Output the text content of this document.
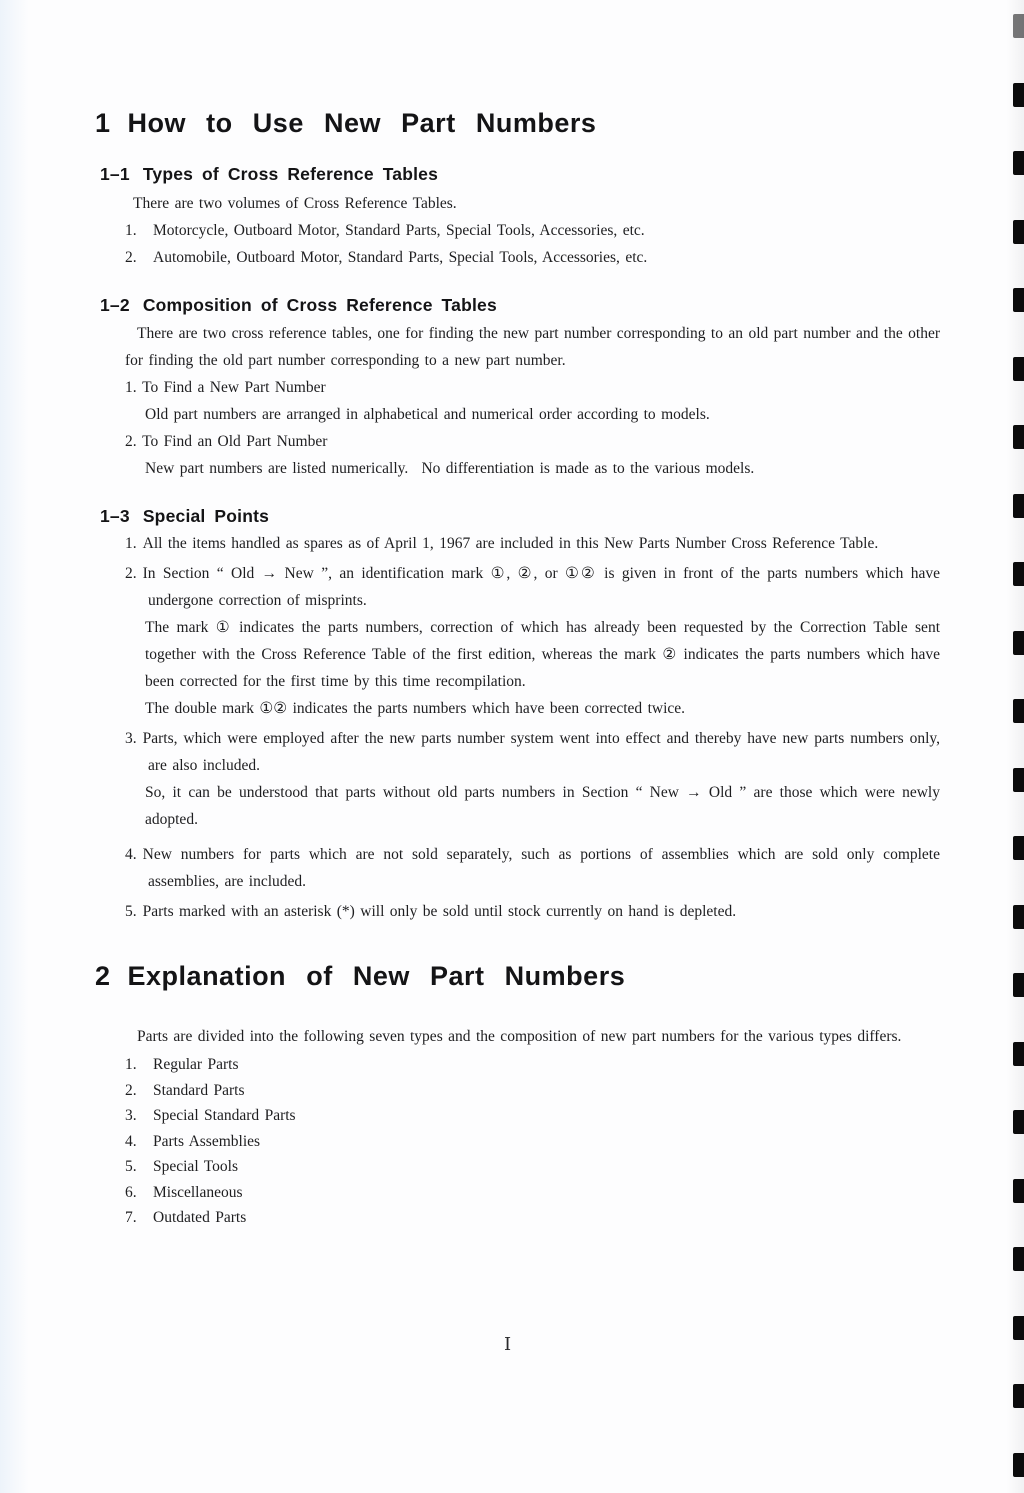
1 How to Use New Part Numbers
1–1 Types of Cross Reference Tables

There are two volumes of Cross Reference Tables.

1. Motorcycle, Outboard Motor, Standard Parts, Special Tools, Accessories, etc.
2. Automobile, Outboard Motor, Standard Parts, Special Tools, Accessories, etc.
1–2 Composition of Cross Reference Tables

There are two cross reference tables, one for finding the new part number corresponding to an old part number and the other for finding the old part number corresponding to a new part number.

1. To Find a New Part Number

Old part numbers are arranged in alphabetical and numerical order according to models.

2. To Find an Old Part Number

New part numbers are listed numerically.  No differentiation is made as to the various models.

1–3 Special Points

1. All the items handled as spares as of April 1, 1967 are included in this New Parts Number Cross Reference Table.

2. In Section “ Old → New ”, an identification mark ①, ②, or ①② is given in front of the parts numbers which have undergone correction of misprints.

The mark ① indicates the parts numbers, correction of which has already been requested by the Correction Table sent together with the Cross Reference Table of the first edition, whereas the mark ② indicates the parts numbers which have been corrected for the first time by this time recompilation.

The double mark ①② indicates the parts numbers which have been corrected twice.

3. Parts, which were employed after the new parts number system went into effect and thereby have new parts numbers only, are also included.

So, it can be understood that parts without old parts numbers in Section “ New → Old ” are those which were newly adopted.

4. New numbers for parts which are not sold separately, such as portions of assemblies which are sold only complete assemblies, are included.

5. Parts marked with an asterisk (*) will only be sold until stock currently on hand is depleted.

2 Explanation of New Part Numbers

Parts are divided into the following seven types and the composition of new part numbers for the various types differs.

1. Regular Parts
2. Standard Parts
3. Special Standard Parts
4. Parts Assemblies
5. Special Tools
6. Miscellaneous
7. Outdated Parts
I
